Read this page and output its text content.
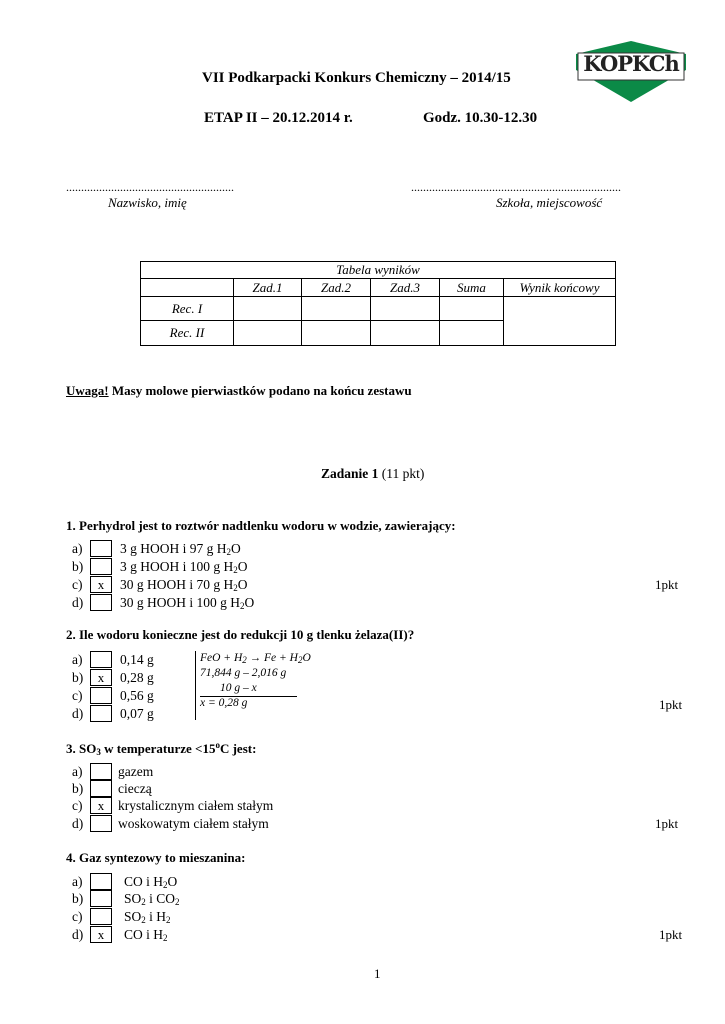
VII Podkarpacki Konkurs Chemiczny – 2014/15
ETAP II – 20.12.2014 r.	Godz. 10.30-12.30
KOPKCh
........................................................	......................................................................
Nazwisko, imię	Szkoła, miejscowość
Tabela wyników					
	Zad.1	Zad.2	Zad.3	Suma	Wynik końcowy
Rec. I					
Rec. II					
Uwaga! Masy molowe pierwiastków podano na końcu zestawu
Zadanie 1 (11 pkt)
1. Perhydrol jest to roztwór nadtlenku wodoru w wodzie, zawierający:
a)	3 g HOOH i 97 g $H_2O$
b)	3 g HOOH i 100 g $H_2O$
c)	x	30 g HOOH i 70 g $H_2O$
d)	30 g HOOH i 100 g $H_2O$
1pkt
2. Ile wodoru konieczne jest do redukcji 10 g tlenku żelaza(II)?
a)	0,14 g
b)	x	0,28 g
c)	0,56 g
d)	0,07 g
FeO + $H_2 \to Fe + H_2O$
71,844 g – 2,016 g
10 g – x
x = 0,28 g	1pkt
3. $SO_3$ w temperaturze $<15^oC$ jest:
a)	gazem
b)	cieczą
c)	x	krystalicznym ciałem stałym
d)	woskowatym ciałem stałym	1pkt
4. Gaz syntezowy to mieszanina:
a)	CO i $H_2O$
b)	$SO_2$ i $CO_2$
c)	$SO_2$ i $H_2$
d)	x	CO i $H_2$	1pkt
1
